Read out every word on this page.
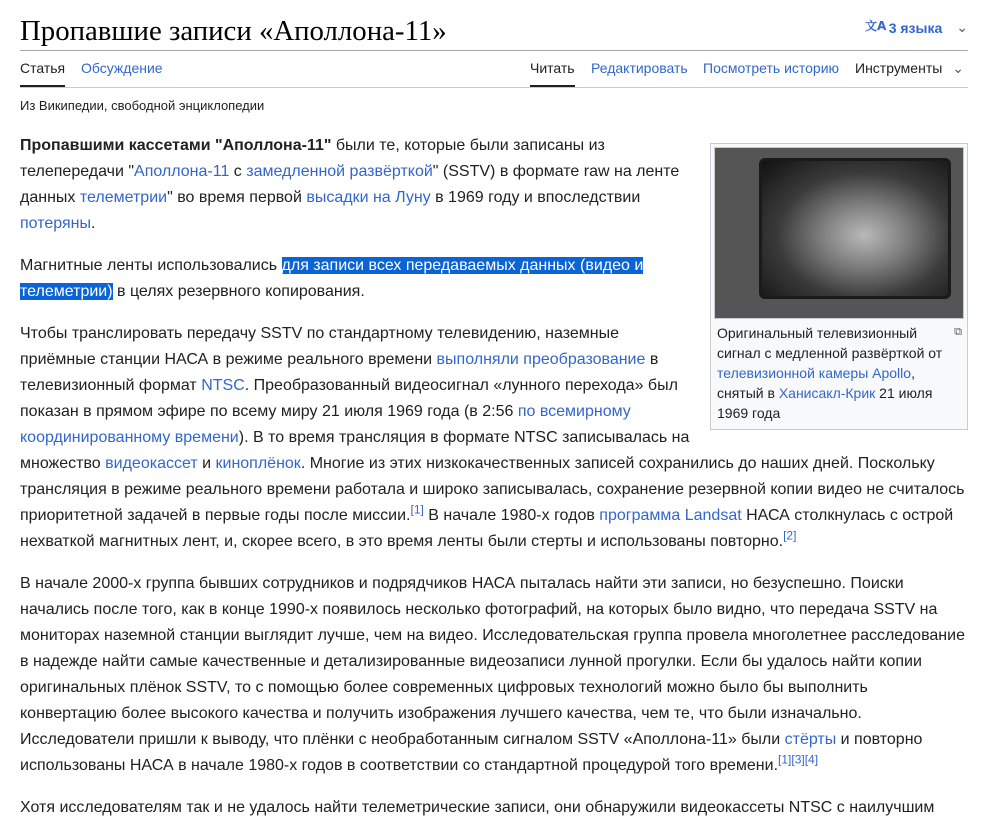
Пропавшие записи «Аполлона-11»	文A 3 языка ⌄
Статья Обсуждение	Читать Редактировать Посмотреть историю Инструменты ⌄
Из Википедии, свободной энциклопедии
⧉
Оригинальный телевизионный сигнал с медленной развёрткой от телевизионной камеры Apollo, снятый в Ханисакл-Крик 21 июля 1969 года

Пропавшими кассетами "Аполлона-11" были те, которые были записаны из телепередачи "Аполлона-11 с замедленной развёрткой" (SSTV) в формате raw на ленте данных телеметрии" во время первой высадки на Луну в 1969 году и впоследствии потеряны.

Магнитные ленты использовались для записи всех передаваемых данных (видео и телеметрии) в целях резервного копирования.

Чтобы транслировать передачу SSTV по стандартному телевидению, наземные приёмные станции НАСА в режиме реального времени выполняли преобразование в телевизионный формат NTSC. Преобразованный видеосигнал «лунного перехода» был показан в прямом эфире по всему миру 21 июля 1969 года (в 2:56 по всемирному координированному времени). В то время трансляция в формате NTSC записывалась на множество видеокассет и киноплёнок. Многие из этих низкокачественных записей сохранились до наших дней. Поскольку трансляция в режиме реального времени работала и широко записывалась, сохранение резервной копии видео не считалось приоритетной задачей в первые годы после миссии.[1] В начале 1980-х годов программа Landsat НАСА столкнулась с острой нехваткой магнитных лент, и, скорее всего, в это время ленты были стерты и использованы повторно.[2]

В начале 2000-х группа бывших сотрудников и подрядчиков НАСА пыталась найти эти записи, но безуспешно. Поиски начались после того, как в конце 1990-х появилось несколько фотографий, на которых было видно, что передача SSTV на мониторах наземной станции выглядит лучше, чем на видео. Исследовательская группа провела многолетнее расследование в надежде найти самые качественные и детализированные видеозаписи лунной прогулки. Если бы удалось найти копии оригинальных плёнок SSTV, то с помощью более современных цифровых технологий можно было бы выполнить конвертацию более высокого качества и получить изображения лучшего качества, чем те, что были изначально. Исследователи пришли к выводу, что плёнки с необработанным сигналом SSTV «Аполлона-11» были стёрты и повторно использованы НАСА в начале 1980-х годов в соответствии со стандартной процедурой того времени.[1][3][4]

Хотя исследователям так и не удалось найти телеметрические записи, они обнаружили видеокассеты NTSC с наилучшим
